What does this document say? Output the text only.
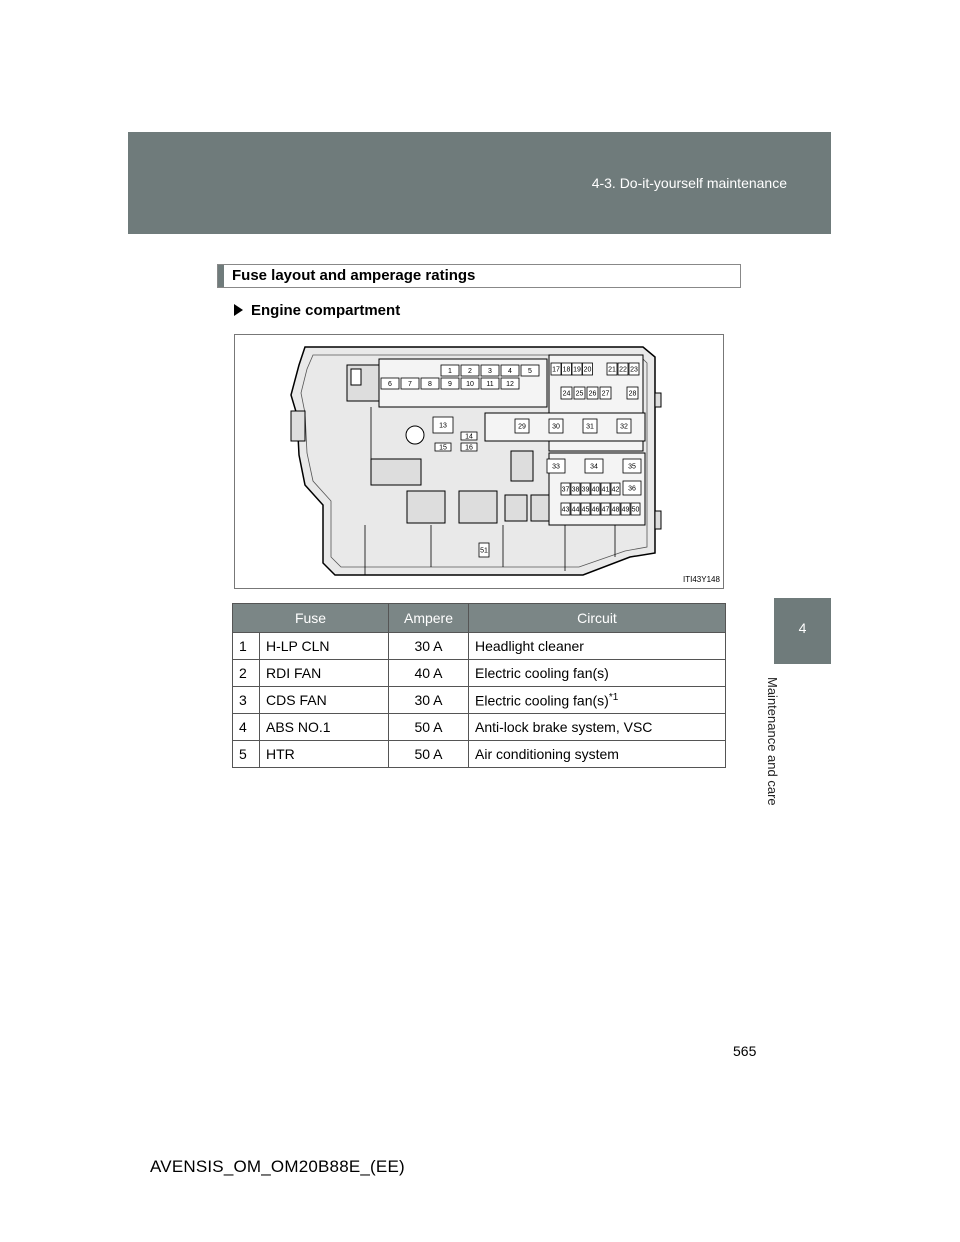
4-3. Do-it-yourself maintenance
4
Maintenance and care
Fuse layout and amperage ratings
Engine compartment
1 2 3 4 5
6 7 8 9 10 11 12
13
14
15	16
51
17 18 19 20 21 22 23
24 25 26 27	28
29	30	31	32
33	34	35
36
37 38 39 40 41 42
43 44 45 46 47 48 49 50
ITI43Y148
Fuse		Ampere	Circuit
1	H-LP CLN	30 A	Headlight cleaner
2	RDI FAN	40 A	Electric cooling fan(s)
3	CDS FAN	30 A	Electric cooling $fan(s)^{*1}$
4	ABS NO.1	50 A	Anti-lock brake system, VSC
5	HTR	50 A	Air conditioning system
565
AVENSIS_OM_OM20B88E_(EE)
